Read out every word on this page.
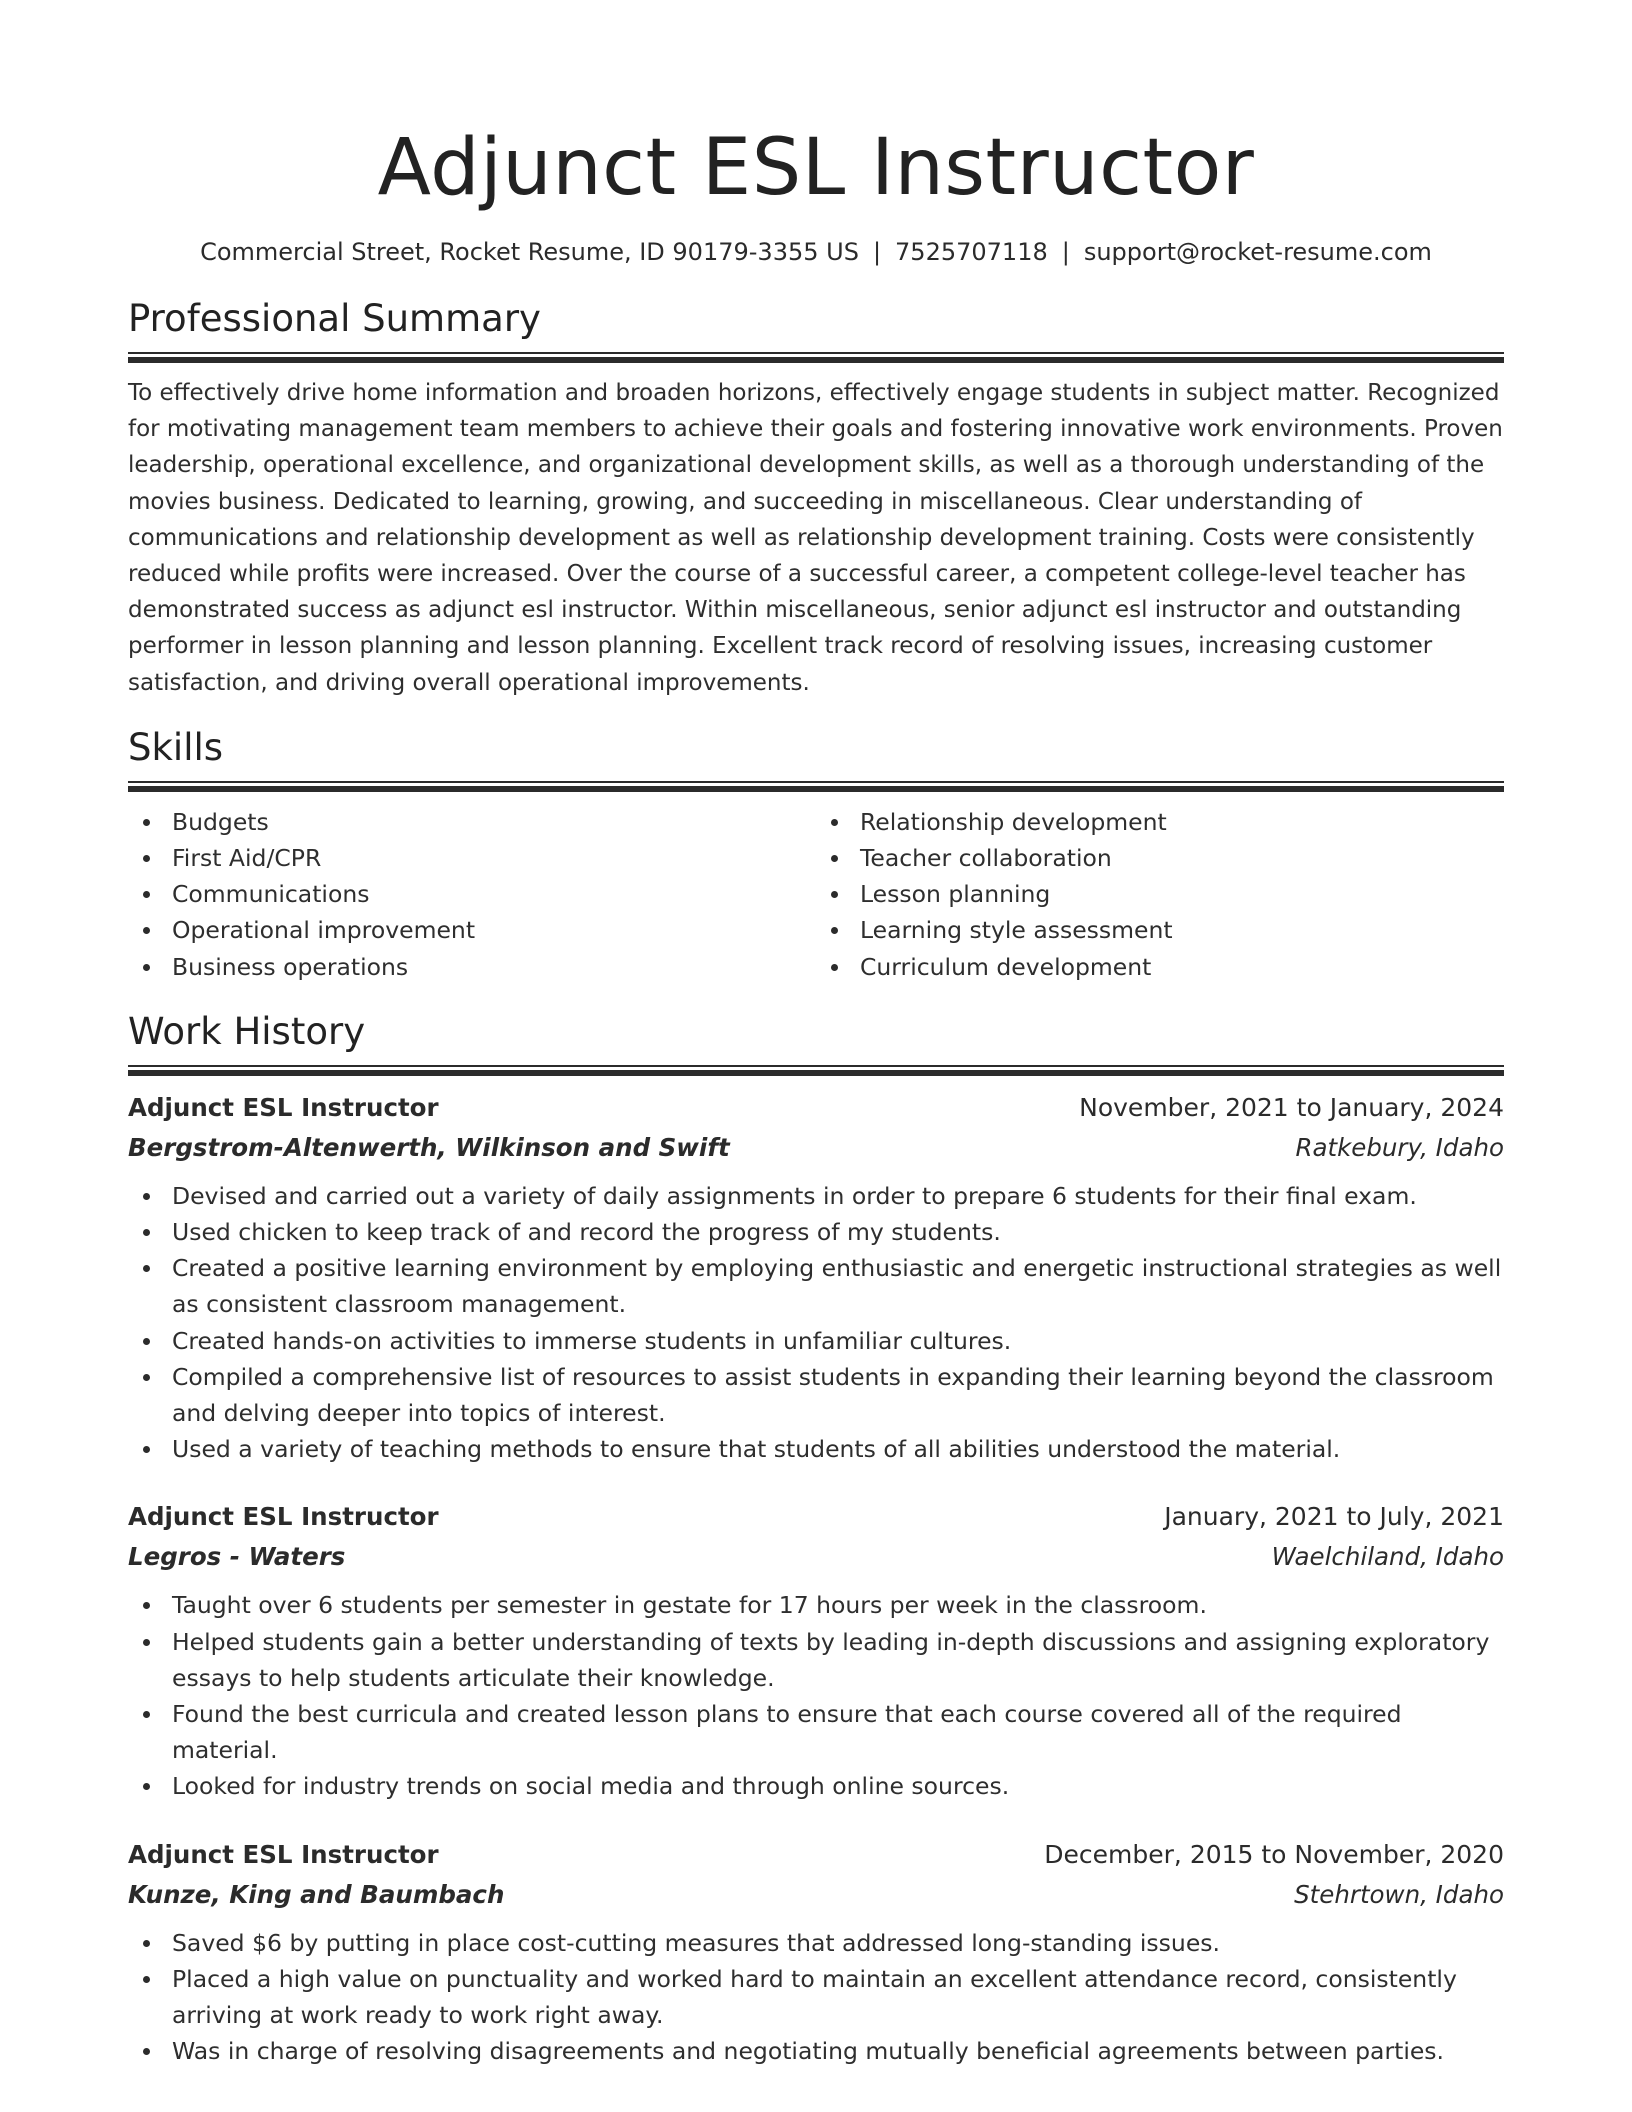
Adjunct ESL Instructor
Commercial Street, Rocket Resume, ID 90179-3355 US | 7525707118 | support@rocket-resume.com
Professional Summary

To effectively drive home information and broaden horizons, effectively engage students in subject matter. Recognized for motivating management team members to achieve their goals and fostering innovative work environments. Proven leadership, operational excellence, and organizational development skills, as well as a thorough understanding of the movies business. Dedicated to learning, growing, and succeeding in miscellaneous. Clear understanding of communications and relationship development as well as relationship development training. Costs were consistently reduced while profits were increased. Over the course of a successful career, a competent college-level teacher has demonstrated success as adjunct esl instructor. Within miscellaneous, senior adjunct esl instructor and outstanding performer in lesson planning and lesson planning. Excellent track record of resolving issues, increasing customer satisfaction, and driving overall operational improvements.

Skills
Budgets
First Aid/CPR
Communications
Operational improvement
Business operations
Relationship development
Teacher collaboration
Lesson planning
Learning style assessment
Curriculum development
Work History
Adjunct ESL Instructor	November, 2021 to January, 2024
Bergstrom-Altenwerth, Wilkinson and Swift	Ratkebury, Idaho
Devised and carried out a variety of daily assignments in order to prepare 6 students for their final exam.
Used chicken to keep track of and record the progress of my students.
Created a positive learning environment by employing enthusiastic and energetic instructional strategies as well as consistent classroom management.
Created hands-on activities to immerse students in unfamiliar cultures.
Compiled a comprehensive list of resources to assist students in expanding their learning beyond the classroom and delving deeper into topics of interest.
Used a variety of teaching methods to ensure that students of all abilities understood the material.
Adjunct ESL Instructor	January, 2021 to July, 2021
Legros - Waters	Waelchiland, Idaho
Taught over 6 students per semester in gestate for 17 hours per week in the classroom.
Helped students gain a better understanding of texts by leading in-depth discussions and assigning exploratory essays to help students articulate their knowledge.
Found the best curricula and created lesson plans to ensure that each course covered all of the required material.
Looked for industry trends on social media and through online sources.
Adjunct ESL Instructor	December, 2015 to November, 2020
Kunze, King and Baumbach	Stehrtown, Idaho
Saved $6 by putting in place cost-cutting measures that addressed long-standing issues.
Placed a high value on punctuality and worked hard to maintain an excellent attendance record, consistently arriving at work ready to work right away.
Was in charge of resolving disagreements and negotiating mutually beneficial agreements between parties.
